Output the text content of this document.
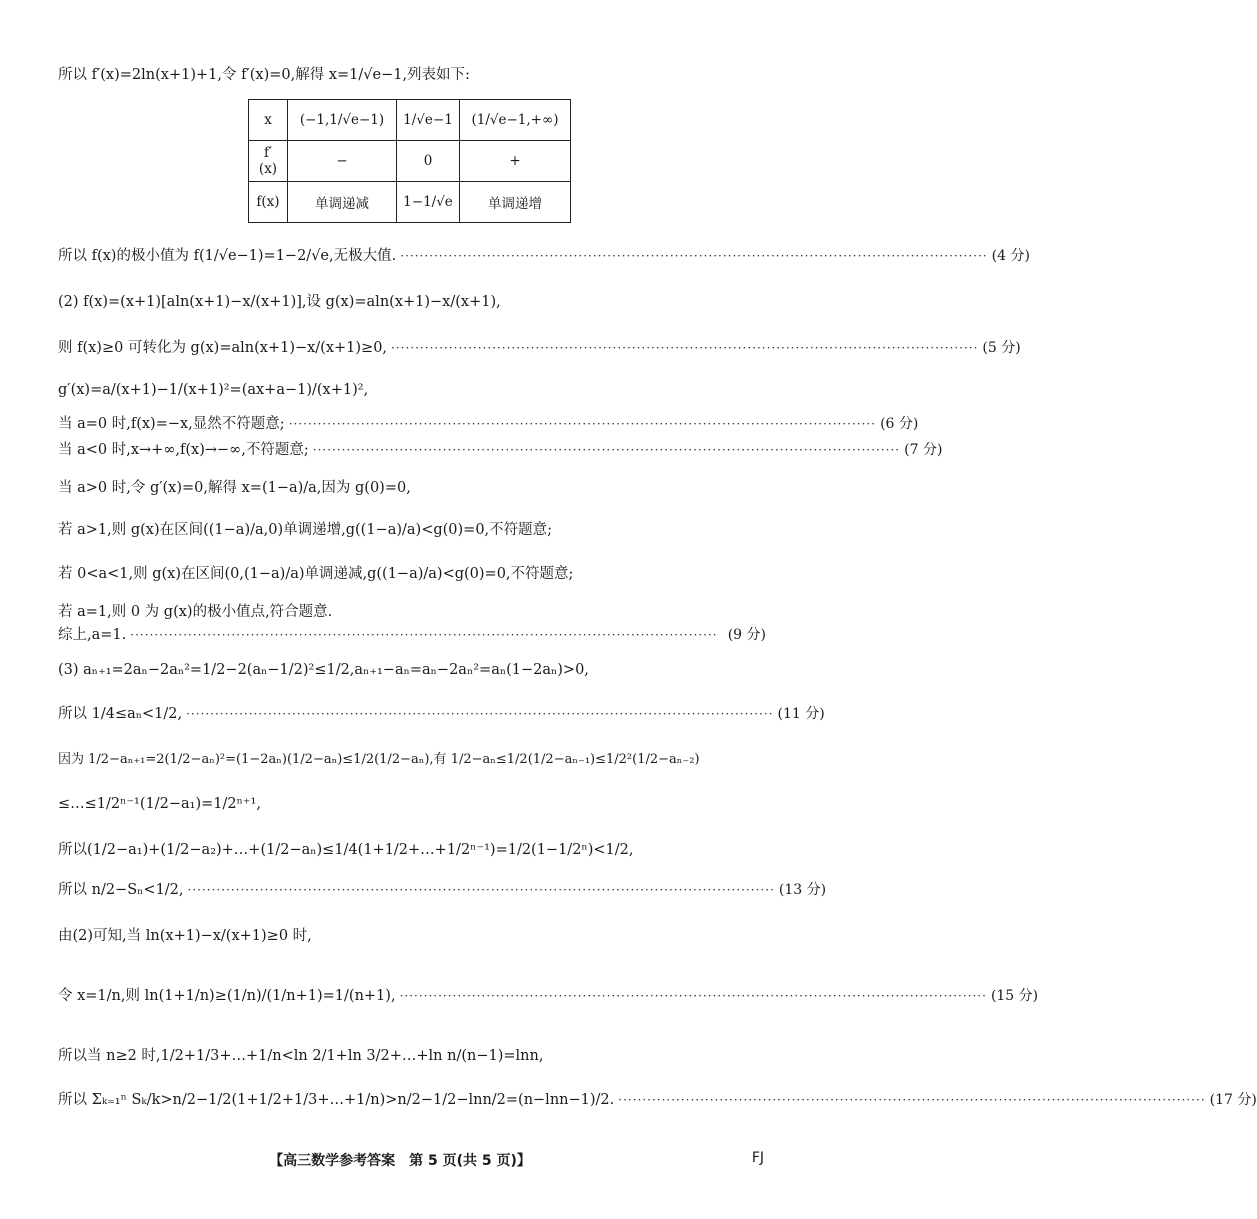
所以 f′(x)=2ln(x+1)+1,令 f′(x)=0,解得 x=1/√e−1,列表如下:
x	(−1,1/√e−1)	1/√e−1	(1/√e−1,+∞)
f′(x)	−	0	+
f(x)	单调递减	1−1/√e	单调递增
所以 f(x)的极小值为 f(1/√e−1)=1−2/√e,无极大值. ·························································································································· (4 分)
(2) f(x)=(x+1)[aln(x+1)−x/(x+1)],设 g(x)=aln(x+1)−x/(x+1),
则 f(x)≥0 可转化为 g(x)=aln(x+1)−x/(x+1)≥0, ·························································································································· (5 分)
g′(x)=a/(x+1)−1/(x+1)²=(ax+a−1)/(x+1)²,
当 a=0 时,f(x)=−x,显然不符题意; ·························································································································· (6 分)
当 a<0 时,x→+∞,f(x)→−∞,不符题意; ·························································································································· (7 分)
当 a>0 时,令 g′(x)=0,解得 x=(1−a)/a,因为 g(0)=0,
若 a>1,则 g(x)在区间((1−a)/a,0)单调递增,g((1−a)/a)<g(0)=0,不符题意;
若 0<a<1,则 g(x)在区间(0,(1−a)/a)单调递减,g((1−a)/a)<g(0)=0,不符题意;
若 a=1,则 0 为 g(x)的极小值点,符合题意.
综上,a=1. ·························································································································· (9 分)
(3) aₙ₊₁=2aₙ−2aₙ²=1/2−2(aₙ−1/2)²≤1/2,aₙ₊₁−aₙ=aₙ−2aₙ²=aₙ(1−2aₙ)>0,
所以 1/4≤aₙ<1/2, ·························································································································· (11 分)
因为 1/2−aₙ₊₁=2(1/2−aₙ)²=(1−2aₙ)(1/2−aₙ)≤1/2(1/2−aₙ),有 1/2−aₙ≤1/2(1/2−aₙ₋₁)≤1/2²(1/2−aₙ₋₂)
≤…≤1/2ⁿ⁻¹(1/2−a₁)=1/2ⁿ⁺¹,
所以(1/2−a₁)+(1/2−a₂)+…+(1/2−aₙ)≤1/4(1+1/2+…+1/2ⁿ⁻¹)=1/2(1−1/2ⁿ)<1/2,
所以 n/2−Sₙ<1/2, ·························································································································· (13 分)
由(2)可知,当 ln(x+1)−x/(x+1)≥0 时,
令 x=1/n,则 ln(1+1/n)≥(1/n)/(1/n+1)=1/(n+1), ·························································································································· (15 分)
所以当 n≥2 时,1/2+1/3+…+1/n<ln 2/1+ln 3/2+…+ln n/(n−1)=lnn,
所以 Σₖ₌₁ⁿ Sₖ/k>n/2−1/2(1+1/2+1/3+…+1/n)>n/2−1/2−lnn/2=(n−lnn−1)/2. ·························································································································· (17 分)
【高三数学参考答案　第 5 页(共 5 页)】	FJ
